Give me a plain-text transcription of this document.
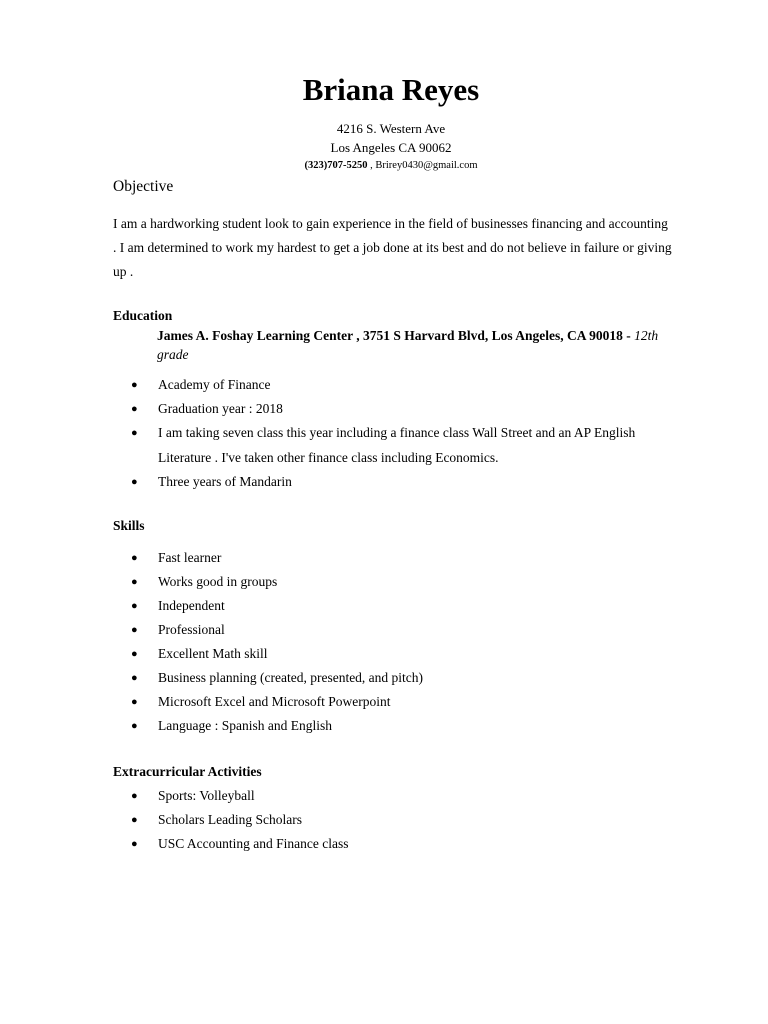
Briana Reyes
4216 S. Western Ave
Los Angeles CA 90062
(323)707-5250 , Brirey0430@gmail.com
Objective

I am a hardworking student look to gain experience in the field of businesses financing and accounting . I am determined to work my hardest to get a job done at its best and do not believe in failure or giving up .

Education

James A. Foshay Learning Center , 3751 S Harvard Blvd, Los Angeles, CA 90018 - 12th grade

● Academy of Finance
● Graduation year : 2018
● I am taking seven class this year including a finance class Wall Street and an AP English Literature . I've taken other finance class including Economics.
● Three years of Mandarin
Skills
● Fast learner
● Works good in groups
● Independent
● Professional
● Excellent Math skill
● Business planning (created, presented, and pitch)
● Microsoft Excel and Microsoft Powerpoint
● Language : Spanish and English
Extracurricular Activities
● Sports: Volleyball
● Scholars Leading Scholars
● USC Accounting and Finance class
